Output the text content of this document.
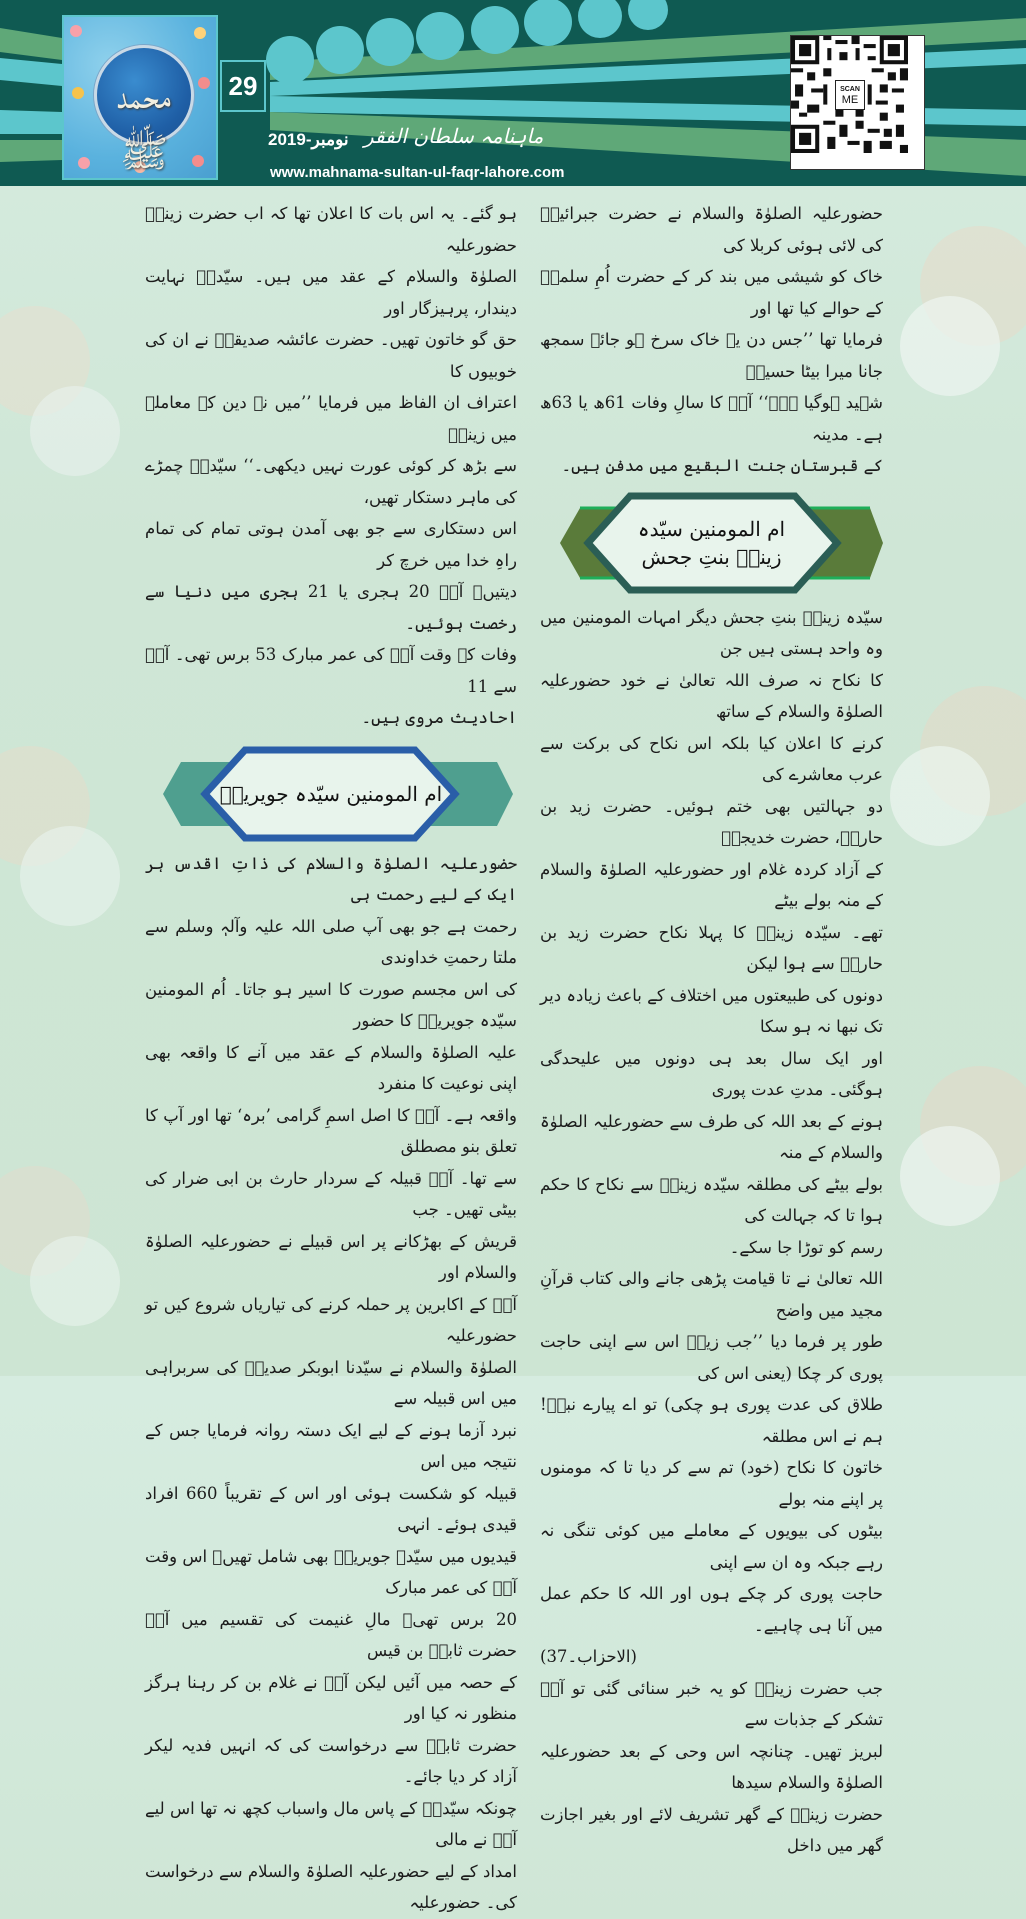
محمد ﷺ
29
نومبر-2019 ماہنامہ سلطان الفقر
www.mahnama-sultan-ul-faqr-lahore.com
SCAN
ME

حضورعلیہ الصلوٰۃ والسلام نے حضرت جبرائیلؑ کی لائی ہوئی کربلا کی

خاک کو شیشی میں بند کر کے حضرت اُمِ سلمہؓ کے حوالے کیا تھا اور

فرمایا تھا ’’جس دن یہ خاک سرخ ہو جائے سمجھ جانا میرا بیٹا حسینؓ

شہید ہوگیا ہے۔‘‘ آپؓ کا سالِ وفات 61ھ یا 63ھ ہے۔ مدینہ

کے قبرستان جنت البقیع میں مدفن ہیں۔

ام المومنین سیّدہ
زینبؓ بنتِ جحش

سیّدہ زینبؓ بنتِ جحش دیگر امہات المومنین میں وہ واحد ہستی ہیں جن

کا نکاح نہ صرف اللہ تعالیٰ نے خود حضورعلیہ الصلوٰۃ والسلام کے ساتھ

کرنے کا اعلان کیا بلکہ اس نکاح کی برکت سے عرب معاشرے کی

دو جہالتیں بھی ختم ہوئیں۔ حضرت زید بن حارثؓ، حضرت خدیجہؓ

کے آزاد کردہ غلام اور حضورعلیہ الصلوٰۃ والسلام کے منہ بولے بیٹے

تھے۔ سیّدہ زینبؓ کا پہلا نکاح حضرت زید بن حارثؓ سے ہوا لیکن

دونوں کی طبیعتوں میں اختلاف کے باعث زیادہ دیر تک نبھا نہ ہو سکا

اور ایک سال بعد ہی دونوں میں علیحدگی ہوگئی۔ مدتِ عدت پوری

ہونے کے بعد اللہ کی طرف سے حضورعلیہ الصلوٰۃ والسلام کے منہ

بولے بیٹے کی مطلقہ سیّدہ زینبؓ سے نکاح کا حکم ہوا تا کہ جہالت کی

رسم کو توڑا جا سکے۔

اللہ تعالیٰ نے تا قیامت پڑھی جانے والی کتاب قرآنِ مجید میں واضح

طور پر فرما دیا ’’جب زیدؓ اس سے اپنی حاجت پوری کر چکا (یعنی اس کی

طلاق کی عدت پوری ہو چکی) تو اے پیارے نبیؐ! ہم نے اس مطلقہ

خاتون کا نکاح (خود) تم سے کر دیا تا کہ مومنوں پر اپنے منہ بولے

بیٹوں کی بیویوں کے معاملے میں کوئی تنگی نہ رہے جبکہ وہ ان سے اپنی

حاجت پوری کر چکے ہوں اور اللہ کا حکم عمل میں آنا ہی چاہیے۔

(الاحزاب۔37)

جب حضرت زینبؓ کو یہ خبر سنائی گئی تو آپؓ تشکر کے جذبات سے

لبریز تھیں۔ چنانچہ اس وحی کے بعد حضورعلیہ الصلوٰۃ والسلام سیدھا

حضرت زینبؓ کے گھر تشریف لائے اور بغیر اجازت گھر میں داخل

ہو گئے۔ یہ اس بات کا اعلان تھا کہ اب حضرت زینبؓ حضورعلیہ

الصلوٰۃ والسلام کے عقد میں ہیں۔ سیّدہؓ نہایت دیندار، پرہیزگار اور

حق گو خاتون تھیں۔ حضرت عائشہ صدیقہؓ نے ان کی خوبیوں کا

اعتراف ان الفاظ میں فرمایا ’’میں نے دین کے معاملے میں زینبؓ

سے بڑھ کر کوئی عورت نہیں دیکھی۔‘‘ سیّدہؓ چمڑے کی ماہر دستکار تھیں،

اس دستکاری سے جو بھی آمدن ہوتی تمام کی تمام راہِ خدا میں خرچ کر

دیتیں۔ آپؓ 20 ہجری یا 21 ہجری میں دنیا سے رخصت ہوئیں۔

وفات کے وقت آپؓ کی عمر مبارک 53 برس تھی۔ آپؓ سے 11

احادیث مروی ہیں۔

ام المومنین سیّدہ جویریہؓ

حضورعلیہ الصلوٰۃ والسلام کی ذاتِ اقدس ہر ایک کے لیے رحمت ہی

رحمت ہے جو بھی آپ صلی اللہ علیہ وآلہٖ وسلم سے ملتا رحمتِ خداوندی

کی اس مجسم صورت کا اسیر ہو جاتا۔ اُم المومنین سیّدہ جویریہؓ کا حضور

علیہ الصلوٰۃ والسلام کے عقد میں آنے کا واقعہ بھی اپنی نوعیت کا منفرد

واقعہ ہے۔ آپؓ کا اصل اسمِ گرامی ’برہ‘ تھا اور آپ کا تعلق بنو مصطلق

سے تھا۔ آپؓ قبیلہ کے سردار حارث بن ابی ضرار کی بیٹی تھیں۔ جب

قریش کے بھڑکانے پر اس قبیلے نے حضورعلیہ الصلوٰۃ والسلام اور

آپؐ کے اکابرین پر حملہ کرنے کی تیاریاں شروع کیں تو حضورعلیہ

الصلوٰۃ والسلام نے سیّدنا ابوبکر صدیقؓ کی سربراہی میں اس قبیلہ سے

نبرد آزما ہونے کے لیے ایک دستہ روانہ فرمایا جس کے نتیجہ میں اس

قبیلہ کو شکست ہوئی اور اس کے تقریباً 660 افراد قیدی ہوئے۔ انہی

قیدیوں میں سیّدہ جویریہؓ بھی شامل تھیں۔ اس وقت آپؓ کی عمر مبارک

20 برس تھی۔ مالِ غنیمت کی تقسیم میں آپؓ حضرت ثابتؓ بن قیس

کے حصہ میں آئیں لیکن آپؓ نے غلام بن کر رہنا ہرگز منظور نہ کیا اور

حضرت ثابتؓ سے درخواست کی کہ انہیں فدیہ لیکر آزاد کر دیا جائے۔

چونکہ سیّدہؓ کے پاس مال واسباب کچھ نہ تھا اس لیے آپؓ نے مالی

امداد کے لیے حضورعلیہ الصلوٰۃ والسلام سے درخواست کی۔ حضورعلیہ
